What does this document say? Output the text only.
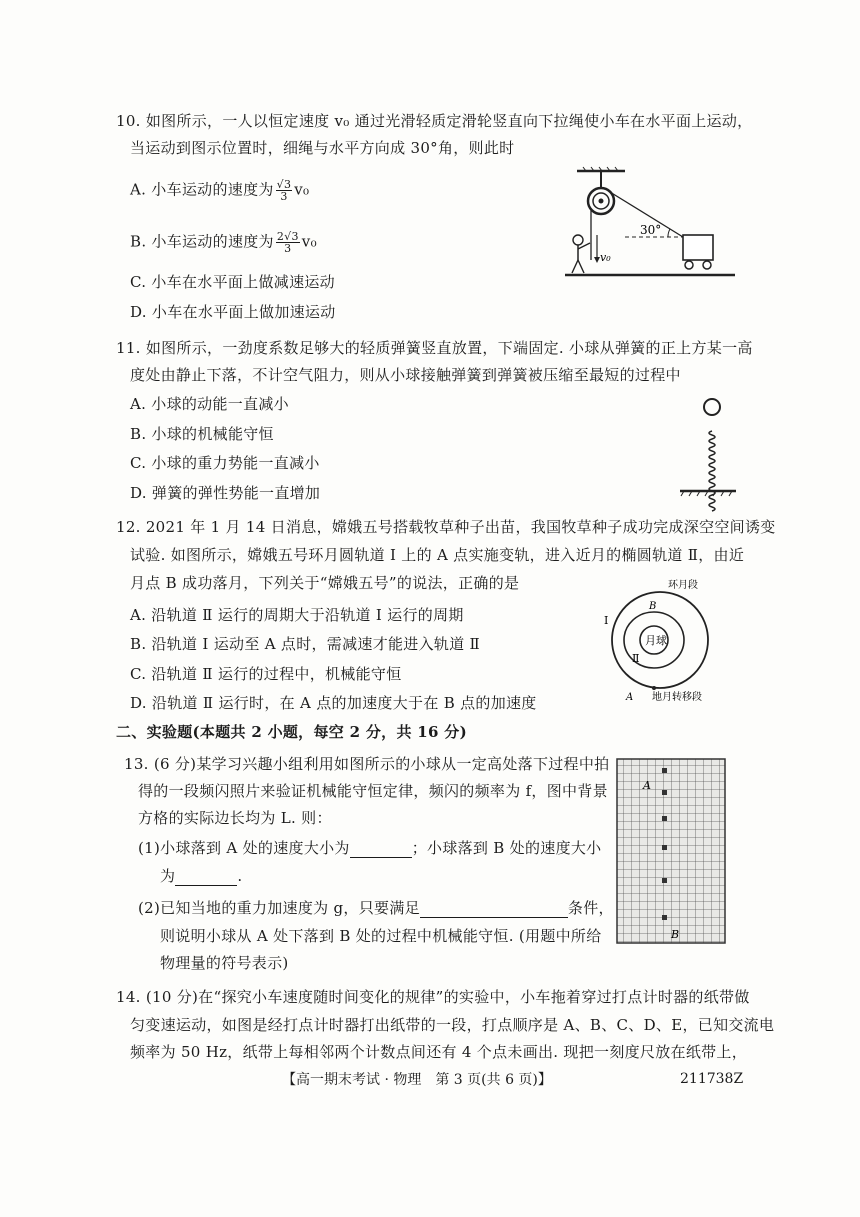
10. 如图所示，一人以恒定速度 v₀ 通过光滑轻质定滑轮竖直向下拉绳使小车在水平面上运动，
当运动到图示位置时，细绳与水平方向成 30°角，则此时
A. 小车运动的速度为 $\frac{√3}{3} v_0$
B. 小车运动的速度为 $\frac{2√3}{3} v_0$
C. 小车在水平面上做减速运动
D. 小车在水平面上做加速运动
v₀
30°
11. 如图所示，一劲度系数足够大的轻质弹簧竖直放置，下端固定. 小球从弹簧的正上方某一高
度处由静止下落，不计空气阻力，则从小球接触弹簧到弹簧被压缩至最短的过程中
A. 小球的动能一直减小
B. 小球的机械能守恒
C. 小球的重力势能一直减小
D. 弹簧的弹性势能一直增加
12. 2021 年 1 月 14 日消息，嫦娥五号搭载牧草种子出苗，我国牧草种子成功完成深空空间诱变
试验. 如图所示，嫦娥五号环月圆轨道 Ⅰ 上的 A 点实施变轨，进入近月的椭圆轨道 Ⅱ，由近
月点 B 成功落月，下列关于“嫦娥五号”的说法，正确的是
A. 沿轨道 Ⅱ 运行的周期大于沿轨道 Ⅰ 运行的周期
B. 沿轨道 Ⅰ 运动至 A 点时，需减速才能进入轨道 Ⅱ
C. 沿轨道 Ⅱ 运行的过程中，机械能守恒
D. 沿轨道 Ⅱ 运行时，在 A 点的加速度大于在 B 点的加速度
月球
环月段
Ⅰ
Ⅱ
B
A 地月转移段
二、实验题(本题共 2 小题，每空 2 分，共 16 分)
13. (6 分)某学习兴趣小组利用如图所示的小球从一定高处落下过程中拍
得的一段频闪照片来验证机械能守恒定律，频闪的频率为 f，图中背景
方格的实际边长均为 L. 则：
(1)小球落到 A 处的速度大小为	；小球落到 B 处的速度大小
为	.
(2)已知当地的重力加速度为 g，只要满足	条件，
则说明小球从 A 处下落到 B 处的过程中机械能守恒. (用题中所给
物理量的符号表示)
A
B
14. (10 分)在“探究小车速度随时间变化的规律”的实验中，小车拖着穿过打点计时器的纸带做
匀变速运动，如图是经打点计时器打出纸带的一段，打点顺序是 A、B、C、D、E，已知交流电
频率为 50 Hz，纸带上每相邻两个计数点间还有 4 个点未画出. 现把一刻度尺放在纸带上，
【高一期末考试 · 物理　第 3 页(共 6 页)】	211738Z
